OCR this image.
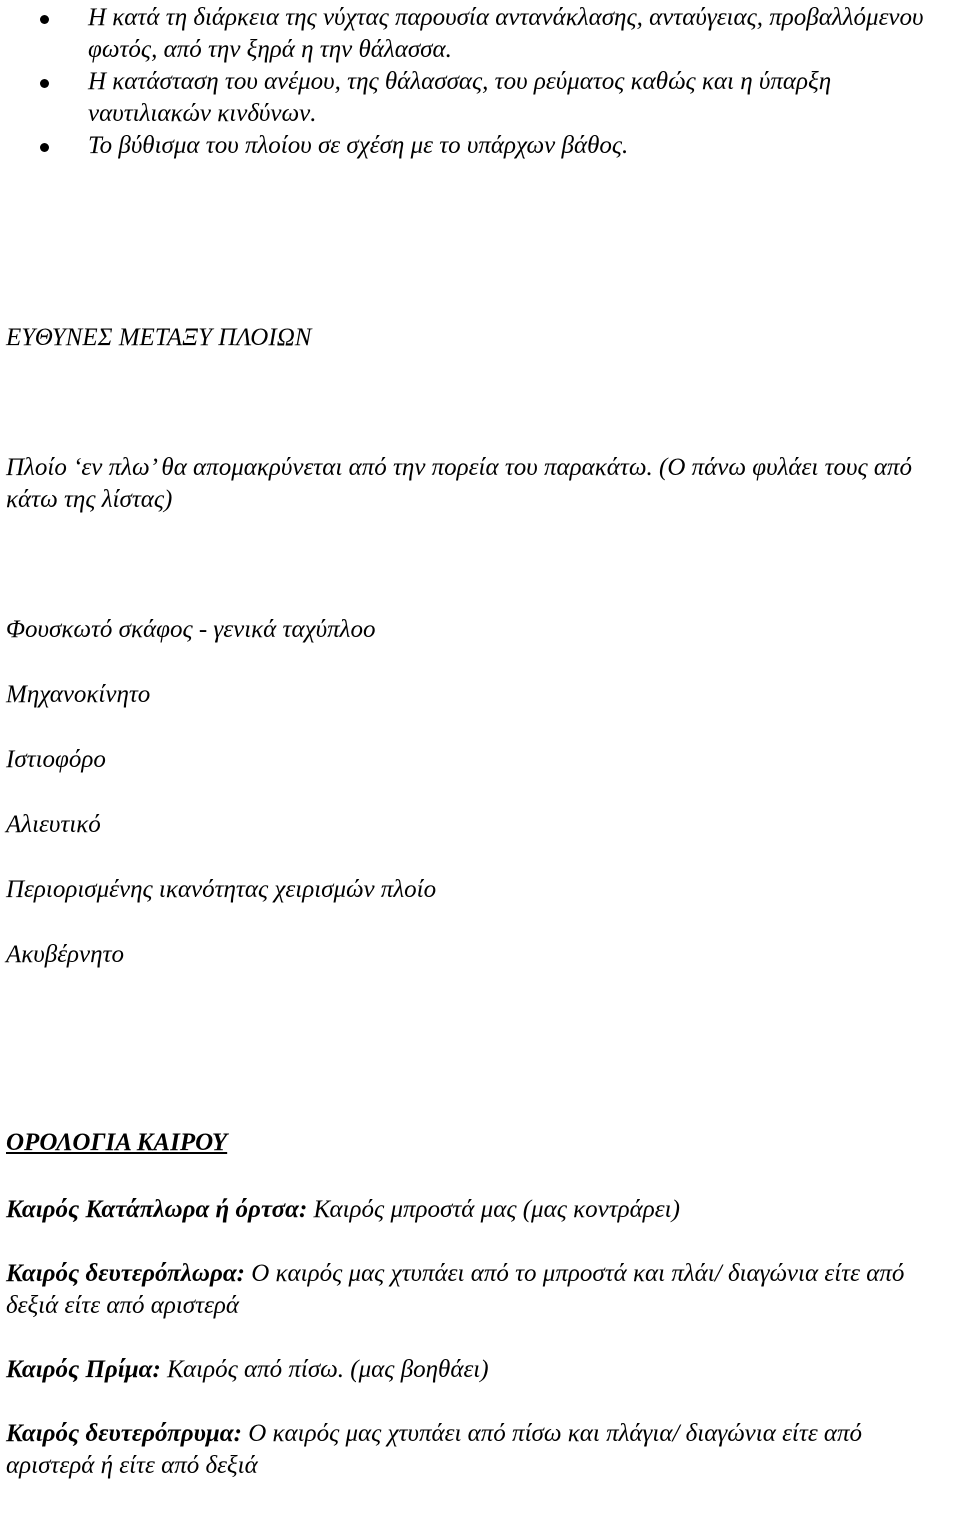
Η κατά τη διάρκεια της νύχτας παρουσία αντανάκλασης, ανταύγειας, προβαλλόμενου φωτός, από την ξηρά η την θάλασσα.
Η κατάσταση του ανέμου, της θάλασσας, του ρεύματος καθώς και η ύπαρξη ναυτιλιακών κινδύνων.
Το βύθισμα του πλοίου σε σχέση με το υπάρχων βάθος.
ΕΥΘΥΝΕΣ ΜΕΤΑΞΥ ΠΛΟΙΩΝ
Πλοίο ‘εν πλω’ θα απομακρύνεται από την πορεία του παρακάτω. (Ο πάνω φυλάει τους από κάτω της λίστας)
Φουσκωτό σκάφος - γενικά ταχύπλοο
Μηχανοκίνητο
Ιστιοφόρο
Αλιευτικό
Περιορισμένης ικανότητας χειρισμών πλοίο
Ακυβέρνητο
ΟΡΟΛΟΓΙΑ ΚΑΙΡΟΥ

Καιρός Κατάπλωρα ή όρτσα: Καιρός μπροστά μας (μας κοντράρει)

Καιρός δευτερόπλωρα: Ο καιρός μας χτυπάει από το μπροστά και πλάι/ διαγώνια είτε από δεξιά είτε από αριστερά

Καιρός Πρίμα: Καιρός από πίσω. (μας βοηθάει)

Καιρός δευτερόπρυμα: Ο καιρός μας χτυπάει από πίσω και πλάγια/ διαγώνια είτε από αριστερά ή είτε από δεξιά
